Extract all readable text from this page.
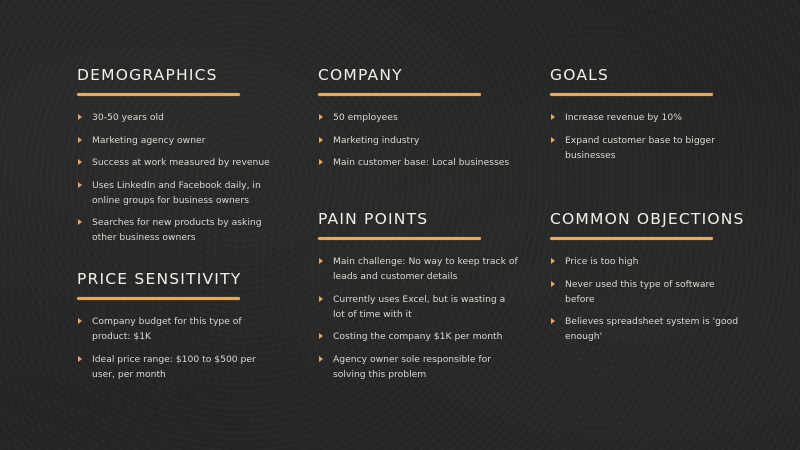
DEMOGRAPHICS
30-50 years old
Marketing agency owner
Success at work measured by revenue
Uses LinkedIn and Facebook daily, in online groups for business owners
Searches for new products by asking other business owners
COMPANY
50 employees
Marketing industry
Main customer base: Local businesses
GOALS
Increase revenue by 10%
Expand customer base to bigger businesses
PRICE SENSITIVITY
Company budget for this type of product: $1K
Ideal price range: $100 to $500 per user, per month
PAIN POINTS
Main challenge: No way to keep track of leads and customer details
Currently uses Excel, but is wasting a lot of time with it
Costing the company $1K per month
Agency owner sole responsible for solving this problem
COMMON OBJECTIONS
Price is too high
Never used this type of software before
Believes spreadsheet system is 'good enough'
